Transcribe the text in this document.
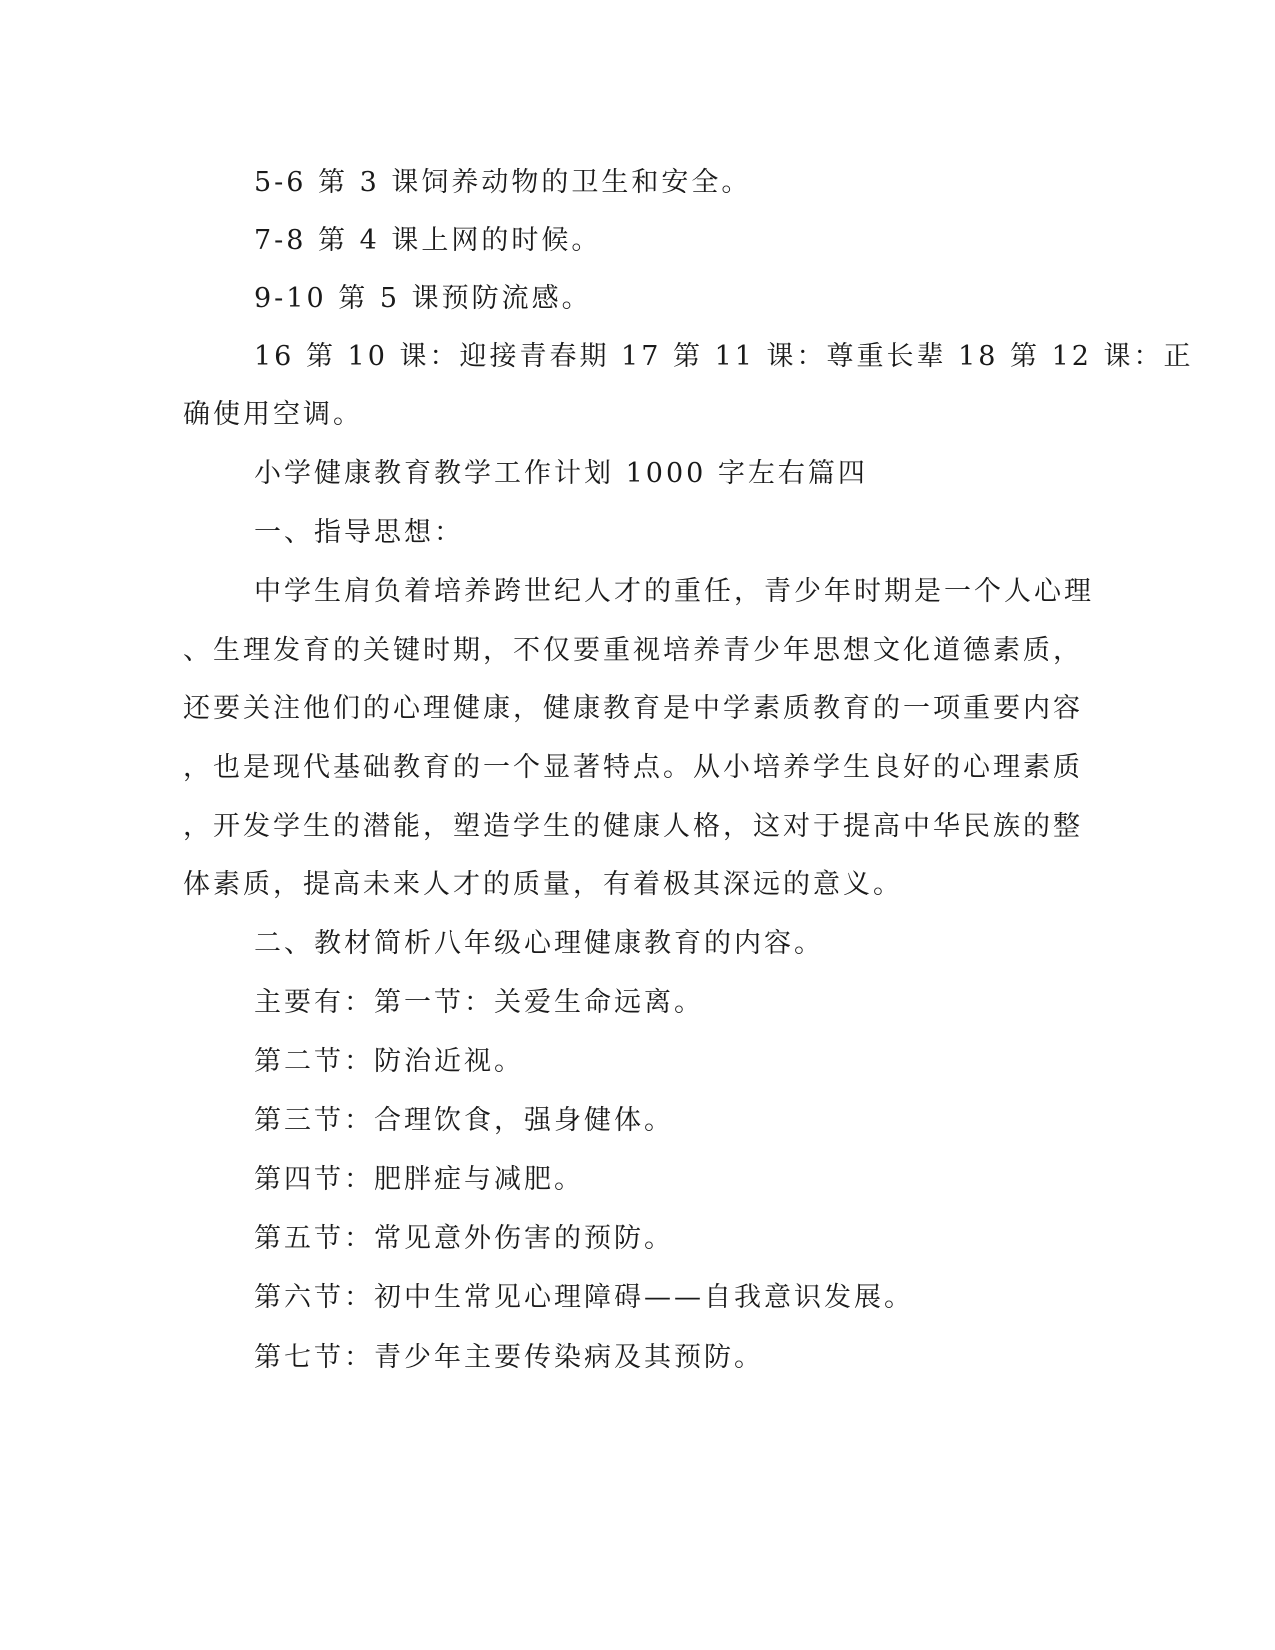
5-6 第 3 课饲养动物的卫生和安全。
7-8 第 4 课上网的时候。
9-10 第 5 课预防流感。
16 第 10 课：迎接青春期 17 第 11 课：尊重长辈 18 第 12 课：正
确使用空调。
小学健康教育教学工作计划 1000 字左右篇四
一、指导思想：
中学生肩负着培养跨世纪人才的重任，青少年时期是一个人心理
、生理发育的关键时期，不仅要重视培养青少年思想文化道德素质，
还要关注他们的心理健康，健康教育是中学素质教育的一项重要内容
，也是现代基础教育的一个显著特点。从小培养学生良好的心理素质
，开发学生的潜能，塑造学生的健康人格，这对于提高中华民族的整
体素质，提高未来人才的质量，有着极其深远的意义。
二、教材简析八年级心理健康教育的内容。
主要有：第一节：关爱生命远离。
第二节：防治近视。
第三节：合理饮食，强身健体。
第四节：肥胖症与减肥。
第五节：常见意外伤害的预防。
第六节：初中生常见心理障碍——自我意识发展。
第七节：青少年主要传染病及其预防。
